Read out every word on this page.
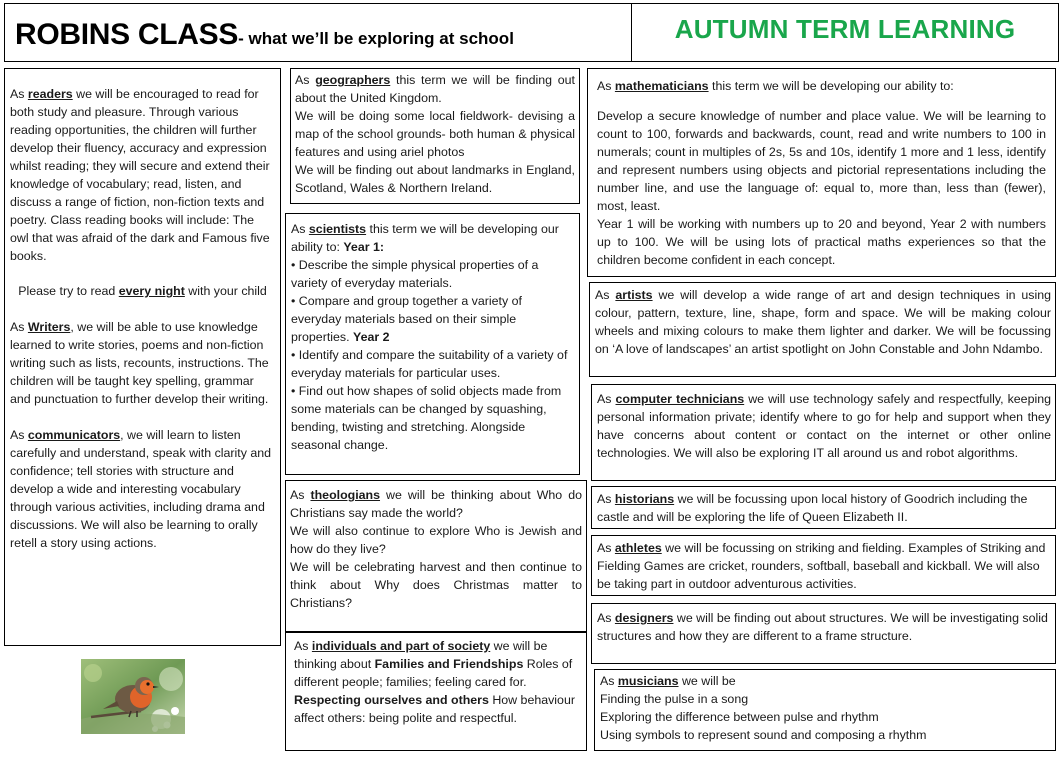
ROBINS CLASS- what we’ll be exploring at school	AUTUMN TERM LEARNING

As readers we will be encouraged to read for both study and pleasure. Through various reading opportunities, the children will further develop their fluency, accuracy and expression whilst reading; they will secure and extend their knowledge of vocabulary; read, listen, and discuss a range of fiction, non-fiction texts and poetry. Class reading books will include: The owl that was afraid of the dark and Famous five books.

Please try to read every night with your child

As Writers, we will be able to use knowledge learned to write stories, poems and non-fiction writing such as lists, recounts, instructions. The children will be taught key spelling, grammar and punctuation to further develop their writing.

As communicators, we will learn to listen carefully and understand, speak with clarity and confidence; tell stories with structure and develop a wide and interesting vocabulary through various activities, including drama and discussions. We will also be learning to orally retell a story using actions.

As geographers this term we will be finding out about the United Kingdom.

We will be doing some local fieldwork- devising a map of the school grounds- both human & physical features and using ariel photos

We will be finding out about landmarks in England, Scotland, Wales & Northern Ireland.

As scientists this term we will be developing our ability to: Year 1:

• Describe the simple physical properties of a variety of everyday materials.

• Compare and group together a variety of everyday materials based on their simple properties. Year 2

• Identify and compare the suitability of a variety of everyday materials for particular uses.

• Find out how shapes of solid objects made from some materials can be changed by squashing, bending, twisting and stretching. Alongside seasonal change.

As theologians we will be thinking about Who do Christians say made the world?

We will also continue to explore Who is Jewish and how do they live?

We will be celebrating harvest and then continue to think about Why does Christmas matter to Christians?

As individuals and part of society we will be thinking about Families and Friendships Roles of different people; families; feeling cared for. Respecting ourselves and others How behaviour affect others: being polite and respectful.

As mathematicians this term we will be developing our ability to:

Develop a secure knowledge of number and place value. We will be learning to count to 100, forwards and backwards, count, read and write numbers to 100 in numerals; count in multiples of 2s, 5s and 10s, identify 1 more and 1 less, identify and represent numbers using objects and pictorial representations including the number line, and use the language of: equal to, more than, less than (fewer), most, least.

Year 1 will be working with numbers up to 20 and beyond, Year 2 with numbers up to 100. We will be using lots of practical maths experiences so that the children become confident in each concept.

As artists we will develop a wide range of art and design techniques in using colour, pattern, texture, line, shape, form and space. We will be making colour wheels and mixing colours to make them lighter and darker. We will be focussing on ‘A love of landscapes’ an artist spotlight on John Constable and John Ndambo.

As computer technicians we will use technology safely and respectfully, keeping personal information private; identify where to go for help and support when they have concerns about content or contact on the internet or other online technologies. We will also be exploring IT all around us and robot algorithms.

As historians we will be focussing upon local history of Goodrich including the castle and will be exploring the life of Queen Elizabeth II.

As athletes we will be focussing on striking and fielding. Examples of Striking and Fielding Games are cricket, rounders, softball, baseball and kickball. We will also be taking part in outdoor adventurous activities.

As designers we will be finding out about structures. We will be investigating solid structures and how they are different to a frame structure.

As musicians we will be

Finding the pulse in a song

Exploring the difference between pulse and rhythm

Using symbols to represent sound and composing a rhythm
